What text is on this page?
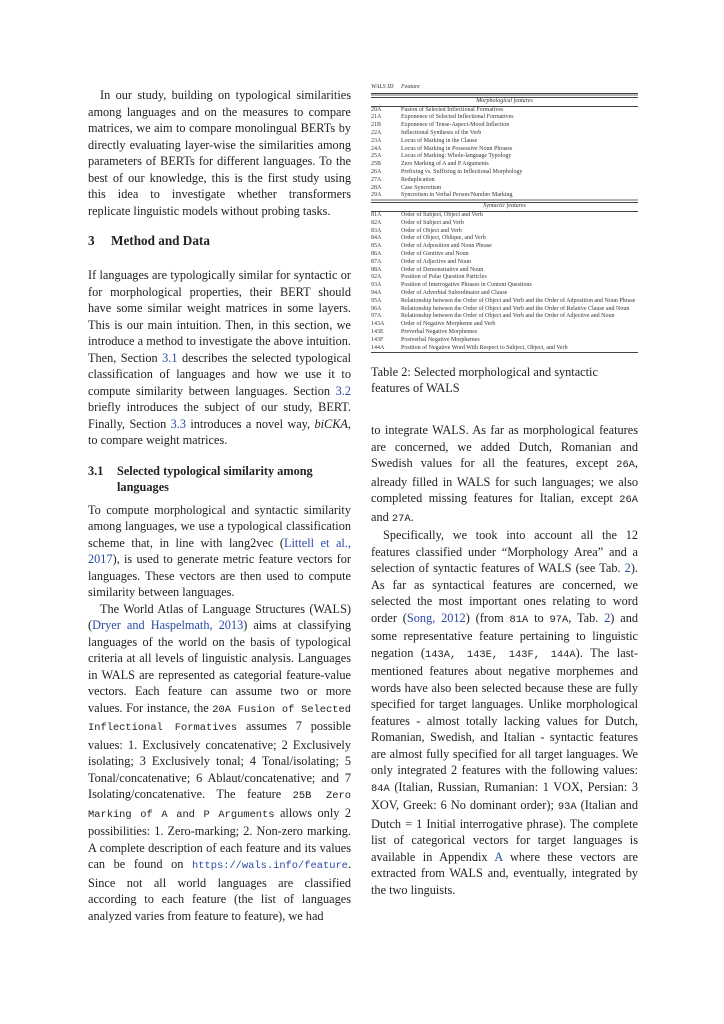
In our study, building on typological similarities among languages and on the measures to compare matrices, we aim to compare monolingual BERTs by directly evaluating layer-wise the similarities among parameters of BERTs for different languages. To the best of our knowledge, this is the first study using this idea to investigate whether transformers replicate linguistic models without probing tasks.

3	Method and Data

If languages are typologically similar for syntactic or for morphological properties, their BERT should have some similar weight matrices in some layers. This is our main intuition. Then, in this section, we introduce a method to investigate the above intuition. Then, Section 3.1 describes the selected typological classification of languages and how we use it to compute similarity between languages. Section 3.2 briefly introduces the subject of our study, BERT. Finally, Section 3.3 introduces a novel way, biCKA, to compare weight matrices.

3.1	Selected typological similarity among languages

To compute morphological and syntactic similarity among languages, we use a typological classification scheme that, in line with lang2vec (Littell et al., 2017), is used to generate metric feature vectors for languages. These vectors are then used to compute similarity between languages.

The World Atlas of Language Structures (WALS) (Dryer and Haspelmath, 2013) aims at classifying languages of the world on the basis of typological criteria at all levels of linguistic analysis. Languages in WALS are represented as categorial feature-value vectors. Each feature can assume two or more values. For instance, the 20A Fusion of Selected Inflectional Formatives assumes 7 possible values: 1. Exclusively concatenative; 2 Exclusively isolating; 3 Exclusively tonal; 4 Tonal/isolating; 5 Tonal/concatenative; 6 Ablaut/concatenative; and 7 Isolating/concatenative. The feature 25B Zero Marking of A and P Arguments allows only 2 possibilities: 1. Zero-marking; 2. Non-zero marking. A complete description of each feature and its values can be found on https://wals.info/feature. Since not all world languages are classified according to each feature (the list of languages analyzed varies from feature to feature), we had

WALS ID	Feature
Morphological features
20A	Fusion of Selected Inflectional Formatives
21A	Exponence of Selected Inflectional Formatives
21B	Exponence of Tense-Aspect-Mood Inflection
22A	Inflectional Synthesis of the Verb
23A	Locus of Marking in the Clause
24A	Locus of Marking in Possessive Noun Phrases
25A	Locus of Marking: Whole-language Typology
25B	Zero Marking of A and P Arguments
26A	Prefixing vs. Suffixing in Inflectional Morphology
27A	Reduplication
28A	Case Syncretism
29A	Syncretism in Verbal Person/Number Marking
Syntactic features
81A	Order of Subject, Object and Verb
82A	Order of Subject and Verb
83A	Order of Object and Verb
84A	Order of Object, Oblique, and Verb
85A	Order of Adposition and Noun Phrase
86A	Order of Genitive and Noun
87A	Order of Adjective and Noun
88A	Order of Demonstrative and Noun
92A	Position of Polar Question Particles
93A	Position of Interrogative Phrases in Content Questions
94A	Order of Adverbial Subordinator and Clause
95A	Relationship between the Order of Object and Verb and the Order of Adposition and Noun Phrase
96A	Relationship between the Order of Object and Verb and the Order of Relative Clause and Noun
97A	Relationship between the Order of Object and Verb and the Order of Adjective and Noun
143A	Order of Negative Morpheme and Verb
143E	Preverbal Negative Morphemes
143F	Postverbal Negative Morphemes
144A	Position of Negative Word With Respect to Subject, Object, and Verb

Table 2: Selected morphological and syntactic features of WALS

to integrate WALS. As far as morphological features are concerned, we added Dutch, Romanian and Swedish values for all the features, except 26A, already filled in WALS for such languages; we also completed missing features for Italian, except 26A and 27A.

Specifically, we took into account all the 12 features classified under “Morphology Area” and a selection of syntactic features of WALS (see Tab. 2). As far as syntactical features are concerned, we selected the most important ones relating to word order (Song, 2012) (from 81A to 97A, Tab. 2) and some representative feature pertaining to linguistic negation (143A, 143E, 143F, 144A). The last-mentioned features about negative morphemes and words have also been selected because these are fully specified for target languages. Unlike morphological features - almost totally lacking values for Dutch, Romanian, Swedish, and Italian - syntactic features are almost fully specified for all target languages. We only integrated 2 features with the following values: 84A (Italian, Russian, Rumanian: 1 VOX, Persian: 3 XOV, Greek: 6 No dominant order); 93A (Italian and Dutch = 1 Initial interrogative phrase). The complete list of categorical vectors for target languages is available in Appendix A where these vectors are extracted from WALS and, eventually, integrated by the two linguists.
